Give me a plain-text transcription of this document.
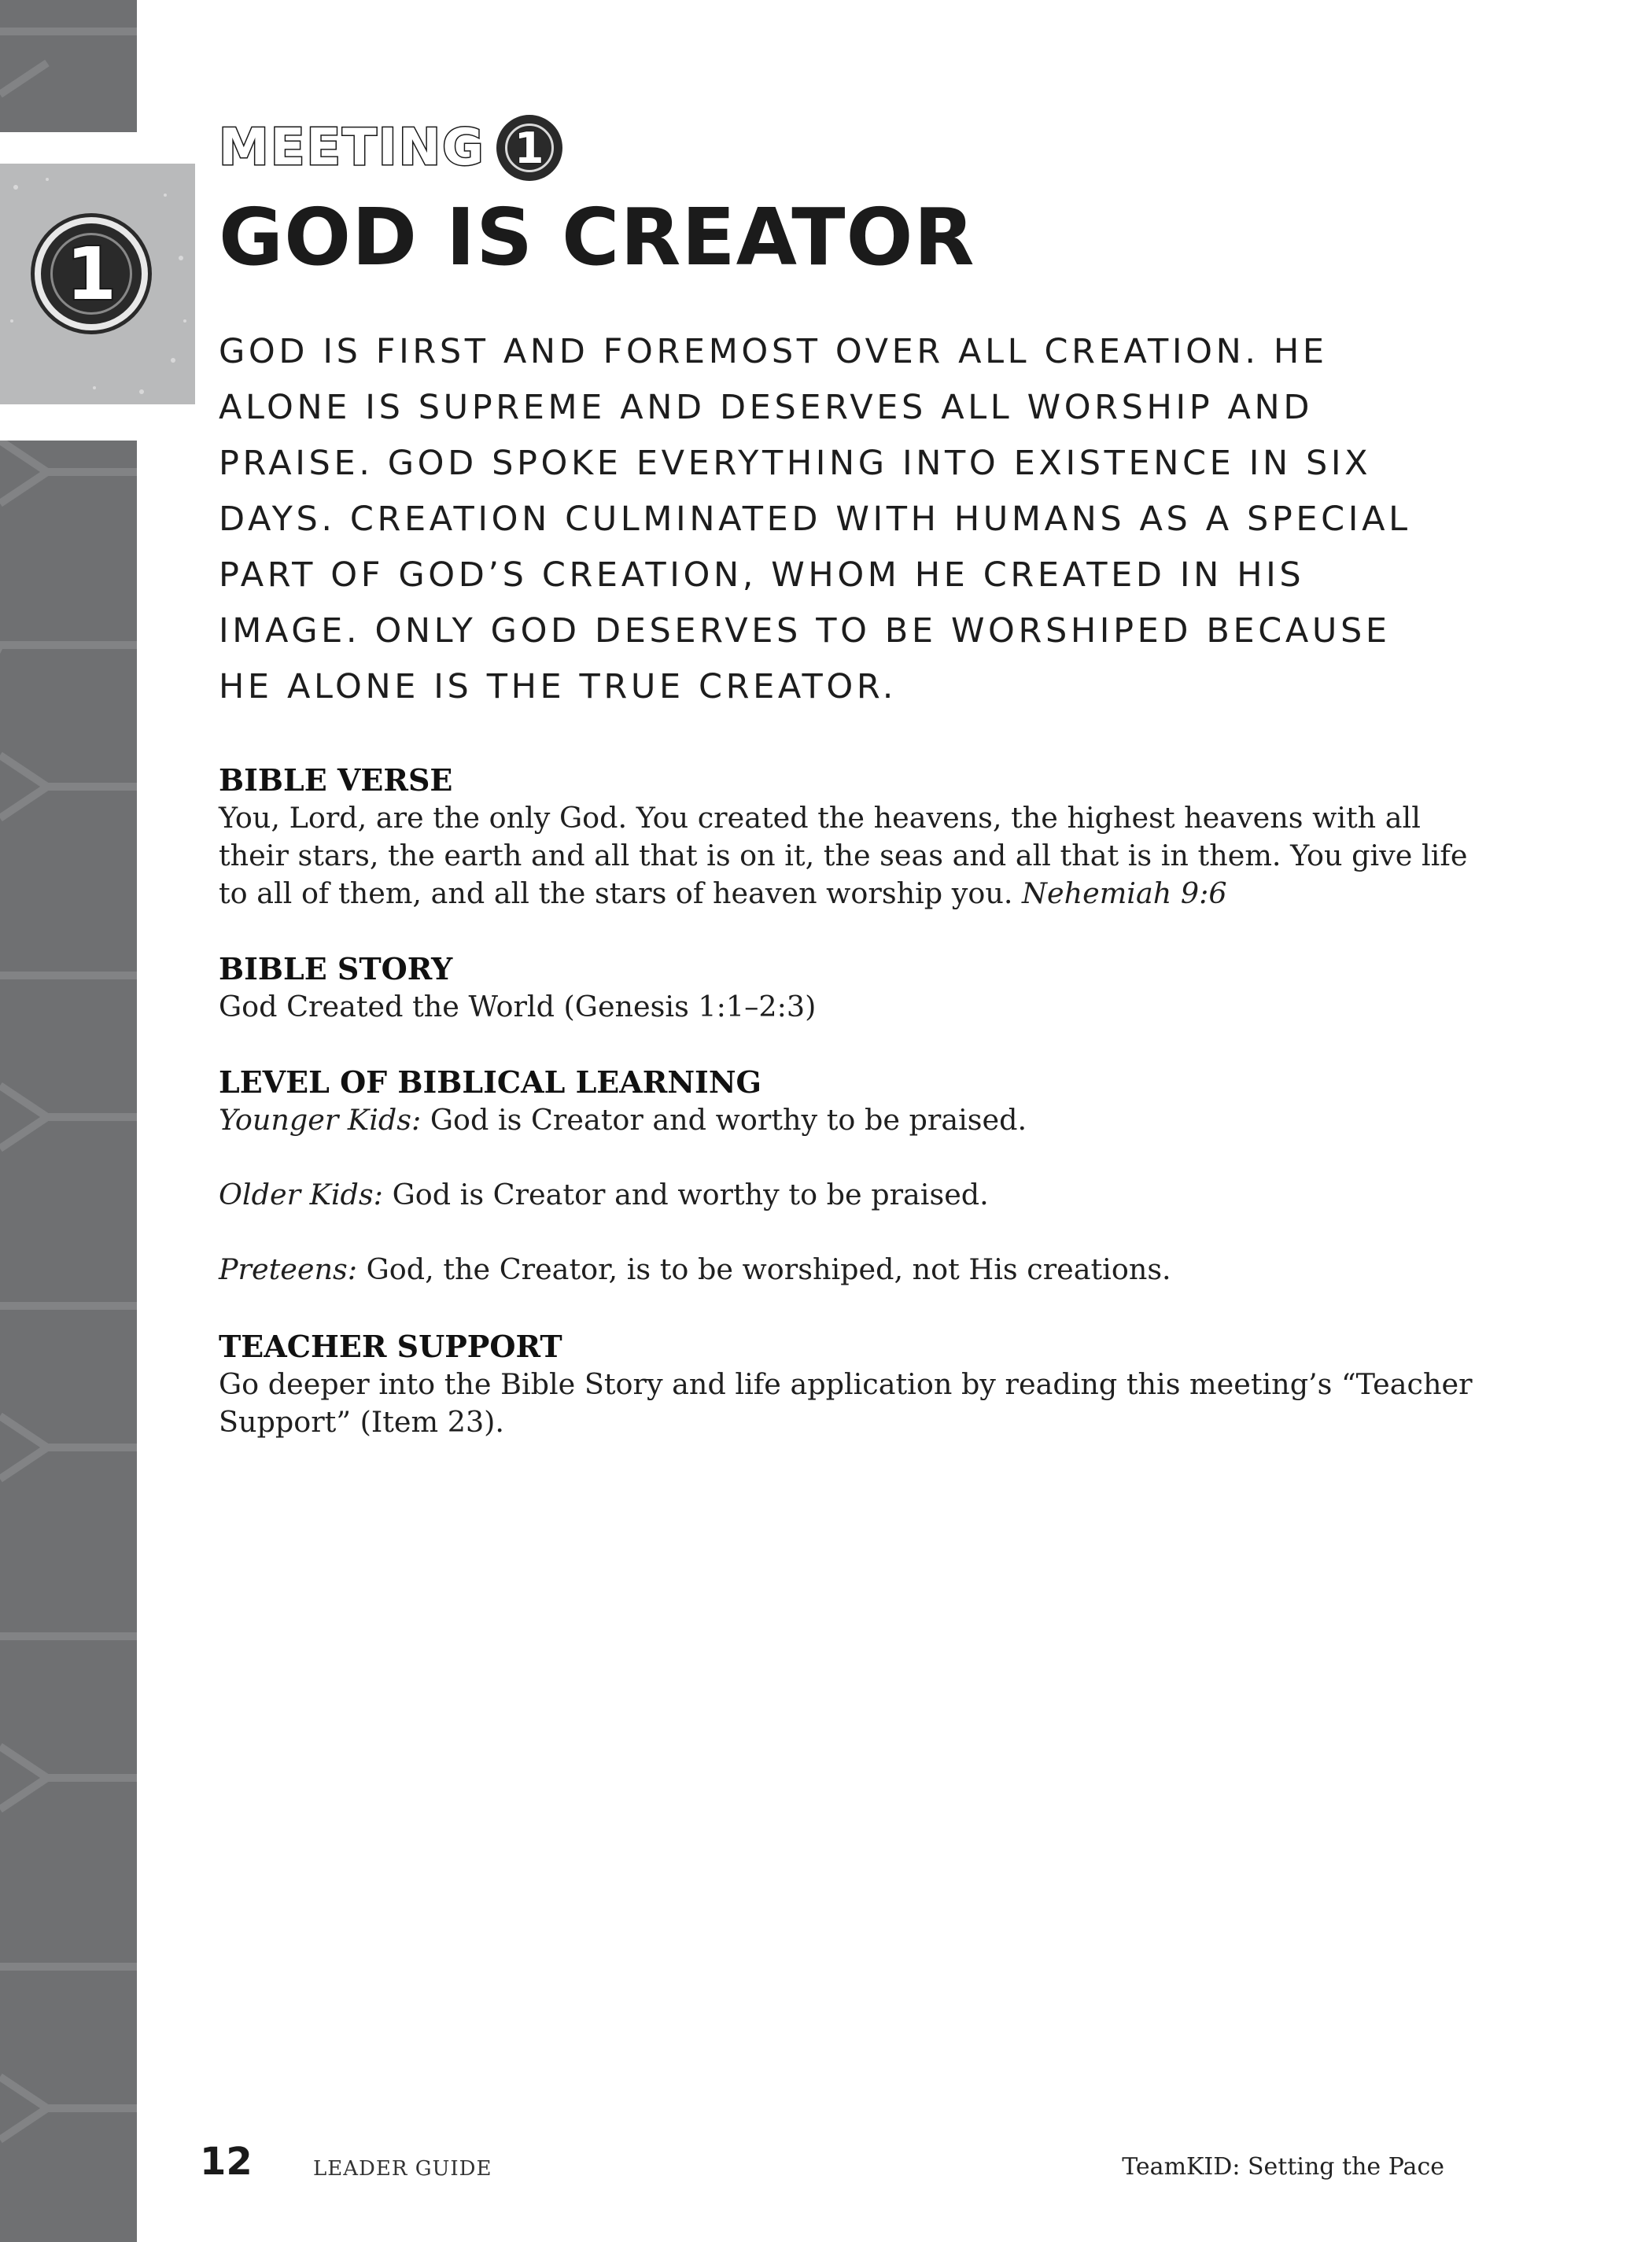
1
MEETING 1
GOD IS CREATOR

GOD IS FIRST AND FOREMOST OVER ALL CREATION. HE ALONE IS SUPREME AND DESERVES ALL WORSHIP AND PRAISE. GOD SPOKE EVERYTHING INTO EXISTENCE IN SIX DAYS. CREATION CULMINATED WITH HUMANS AS A SPECIAL PART OF GOD’S CREATION, WHOM HE CREATED IN HIS IMAGE. ONLY GOD DESERVES TO BE WORSHIPED BECAUSE HE ALONE IS THE TRUE CREATOR.

BIBLE VERSE

You, Lord, are the only God. You created the heavens, the highest heavens with all their stars, the earth and all that is on it, the seas and all that is in them. You give life to all of them, and all the stars of heaven worship you. Nehemiah 9:6

BIBLE STORY

God Created the World (Genesis 1:1–2:3)

LEVEL OF BIBLICAL LEARNING

Younger Kids: God is Creator and worthy to be praised.

Older Kids: God is Creator and worthy to be praised.

Preteens: God, the Creator, is to be worshiped, not His creations.

TEACHER SUPPORT

Go deeper into the Bible Story and life application by reading this meeting’s “Teacher Support” (Item 23).

12	LEADER GUIDE	TeamKID: Setting the Pace
